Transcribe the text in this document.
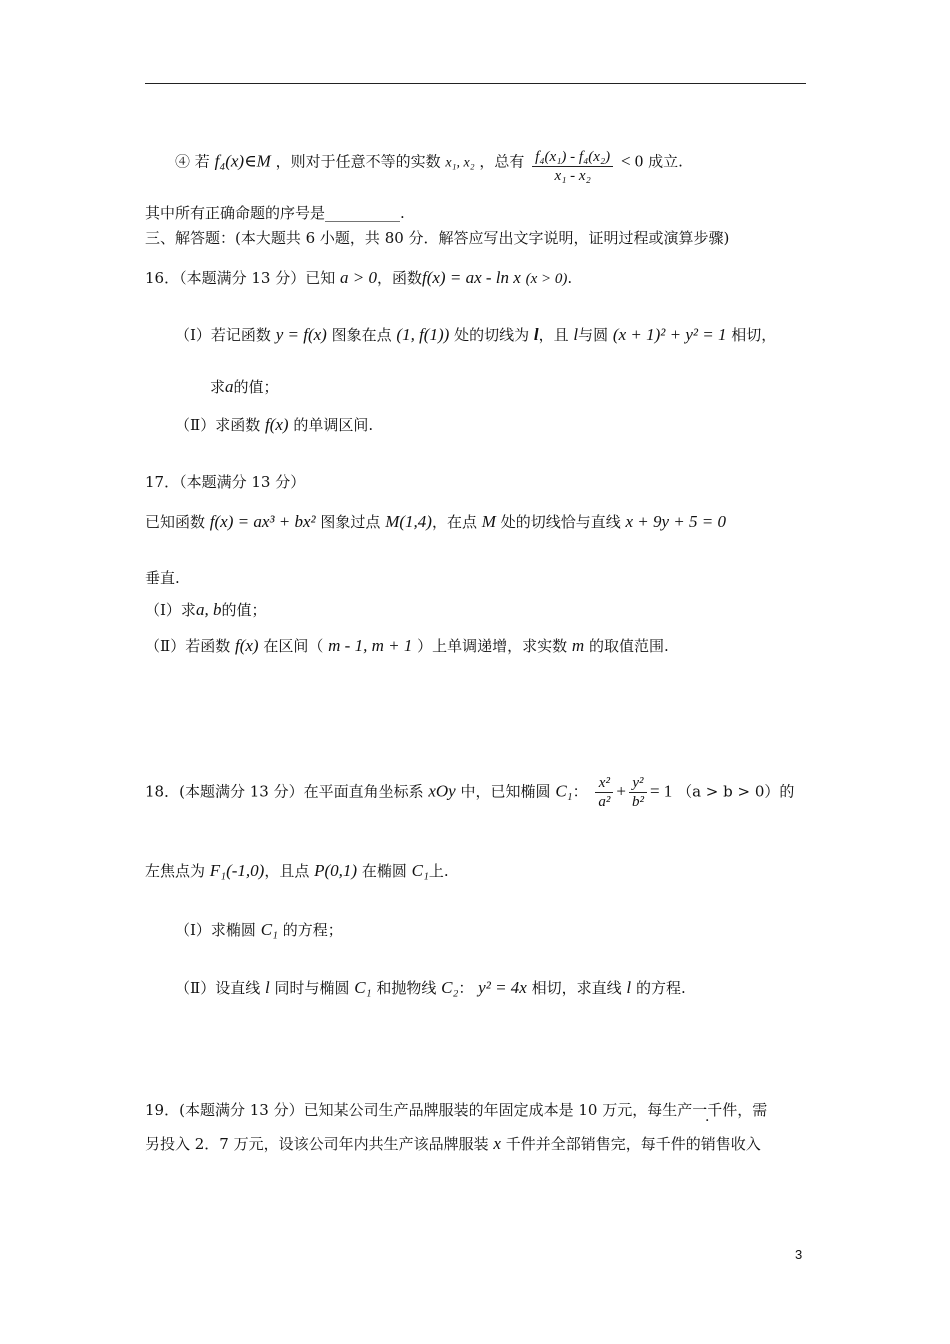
④ 若 f₄(x)∈M ，则对于任意不等的实数 x₁, x₂ ，总有 $\frac{\text{f₄(x₁) - f₄(x₂)}}{\text{x₁ - x₂}} < 0$ 成立.
其中所有正确命题的序号是__________.
三、解答题：(本大题共 6 小题，共 80 分．解答应写出文字说明，证明过程或演算步骤)
16．（本题满分 13 分）已知 a > 0，函数f(x) = ax - ln x (x > 0).
（Ⅰ）若记函数 y = f(x) 图象在点 (1, f(1)) 处的切线为 l，且 l与圆 (x + 1)² + y² = 1 相切，
求a的值；
（Ⅱ）求函数 f(x) 的单调区间.
17．（本题满分 13 分）
已知函数 f(x) = ax³ + bx² 图象过点 M(1,4)，在点 M 处的切线恰与直线 x + 9y + 5 = 0
垂直.
（Ⅰ）求a, b的值；
（Ⅱ）若函数 f(x) 在区间（ m - 1, m + 1 ）上单调递增，求实数 m 的取值范围.
18．(本题满分 13 分）在平面直角坐标系 xOy 中，已知椭圆 C₁： $\frac{\text{x²}}{\text{a²}} + \frac{\text{y²}}{\text{b²}} = 1$ （a > b > 0）的
左焦点为 F₁(-1,0)，且点 P(0,1) 在椭圆 C₁上.
（Ⅰ）求椭圆 C₁ 的方程；
（Ⅱ）设直线 l 同时与椭圆 C₁ 和抛物线 C₂： y² = 4x 相切，求直线 l 的方程.
19．(本题满分 13 分）已知某公司生产品牌服装的年固定成本是 10 万元，每生产一千件，需
另投入 2．7 万元，设该公司年内共生产该品牌服装 x 千件并全部销售完，每千件的销售收入
3
